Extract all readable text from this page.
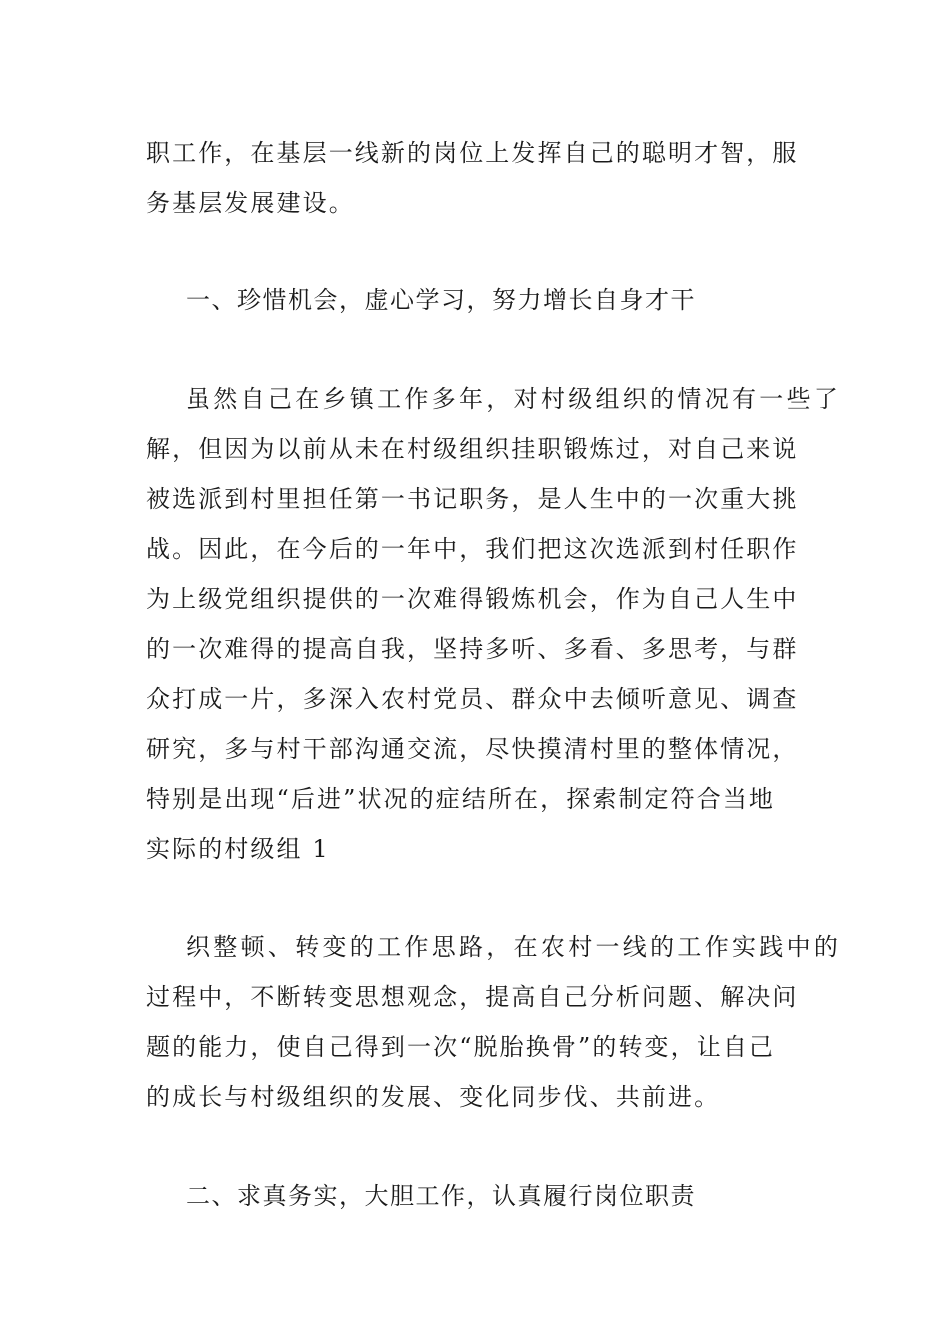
职工作，在基层一线新的岗位上发挥自己的聪明才智，服
务基层发展建设。
一、珍惜机会，虚心学习，努力增长自身才干
虽然自己在乡镇工作多年，对村级组织的情况有一些了
解，但因为以前从未在村级组织挂职锻炼过，对自己来说
被选派到村里担任第一书记职务，是人生中的一次重大挑
战。因此，在今后的一年中，我们把这次选派到村任职作
为上级党组织提供的一次难得锻炼机会，作为自己人生中
的一次难得的提高自我，坚持多听、多看、多思考，与群
众打成一片，多深入农村党员、群众中去倾听意见、调查
研究，多与村干部沟通交流，尽快摸清村里的整体情况，
特别是出现“后进”状况的症结所在，探索制定符合当地
实际的村级组 1
织整顿、转变的工作思路，在农村一线的工作实践中的
过程中，不断转变思想观念，提高自己分析问题、解决问
题的能力，使自己得到一次“脱胎换骨”的转变，让自己
的成长与村级组织的发展、变化同步伐、共前进。
二、求真务实，大胆工作，认真履行岗位职责
